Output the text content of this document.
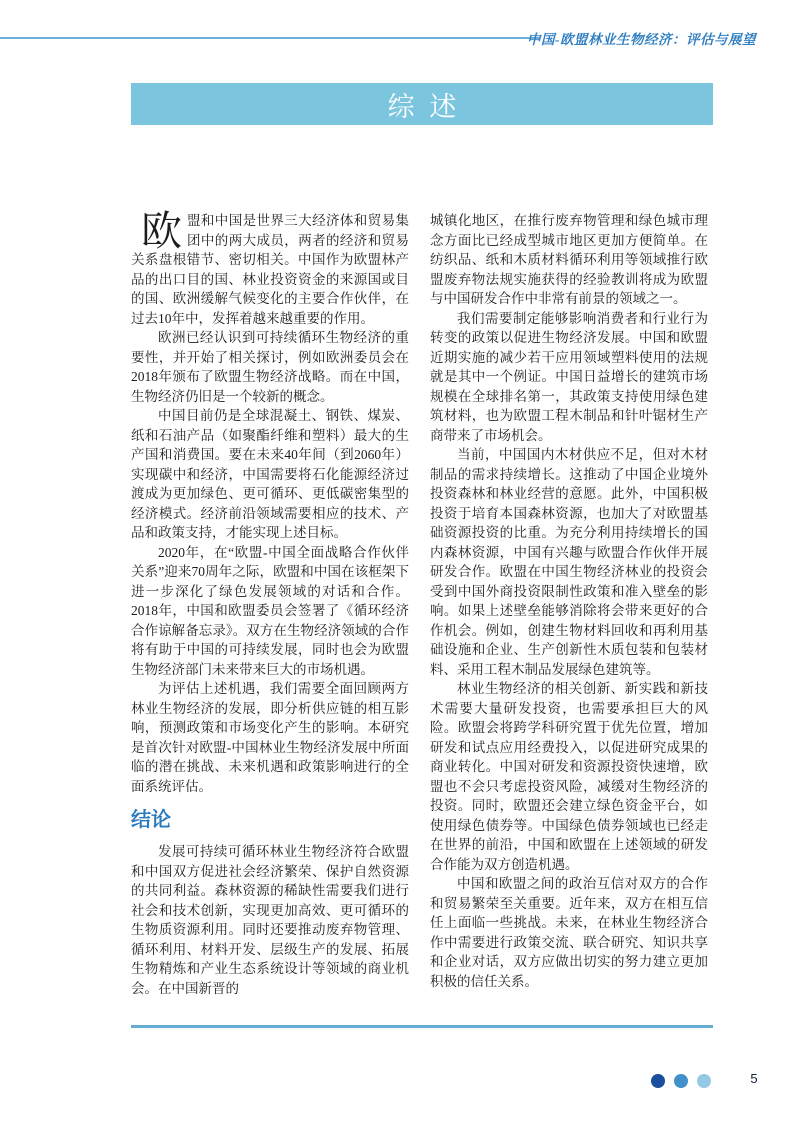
中国-欧盟林业生物经济：评估与展望
综述

欧盟和中国是世界三大经济体和贸易集团中的两大成员，两者的经济和贸易关系盘根错节、密切相关。中国作为欧盟林产品的出口目的国、林业投资资金的来源国或目的国、欧洲缓解气候变化的主要合作伙伴，在过去10年中，发挥着越来越重要的作用。

欧洲已经认识到可持续循环生物经济的重要性，并开始了相关探讨，例如欧洲委员会在2018年颁布了欧盟生物经济战略。而在中国，生物经济仍旧是一个较新的概念。

中国目前仍是全球混凝土、钢铁、煤炭、纸和石油产品（如聚酯纤维和塑料）最大的生产国和消费国。要在未来40年间（到2060年）实现碳中和经济，中国需要将石化能源经济过渡成为更加绿色、更可循环、更低碳密集型的经济模式。经济前沿领域需要相应的技术、产品和政策支持，才能实现上述目标。

2020年，在“欧盟-中国全面战略合作伙伴关系”迎来70周年之际，欧盟和中国在该框架下进一步深化了绿色发展领域的对话和合作。2018年，中国和欧盟委员会签署了《循环经济合作谅解备忘录》。双方在生物经济领域的合作将有助于中国的可持续发展，同时也会为欧盟生物经济部门未来带来巨大的市场机遇。

为评估上述机遇，我们需要全面回顾两方林业生物经济的发展，即分析供应链的相互影响，预测政策和市场变化产生的影响。本研究是首次针对欧盟-中国林业生物经济发展中所面临的潜在挑战、未来机遇和政策影响进行的全面系统评估。

结论

发展可持续可循环林业生物经济符合欧盟和中国双方促进社会经济繁荣、保护自然资源的共同利益。森林资源的稀缺性需要我们进行社会和技术创新，实现更加高效、更可循环的生物质资源利用。同时还要推动废弃物管理、循环利用、材料开发、层级生产的发展、拓展生物精炼和产业生态系统设计等领域的商业机会。在中国新晋的

城镇化地区，在推行废弃物管理和绿色城市理念方面比已经成型城市地区更加方便简单。在纺织品、纸和木质材料循环利用等领域推行欧盟废弃物法规实施获得的经验教训将成为欧盟与中国研发合作中非常有前景的领域之一。

我们需要制定能够影响消费者和行业行为转变的政策以促进生物经济发展。中国和欧盟近期实施的减少若干应用领域塑料使用的法规就是其中一个例证。中国日益增长的建筑市场规模在全球排名第一，其政策支持使用绿色建筑材料，也为欧盟工程木制品和针叶锯材生产商带来了市场机会。

当前，中国国内木材供应不足，但对木材制品的需求持续增长。这推动了中国企业境外投资森林和林业经营的意愿。此外，中国积极投资于培育本国森林资源，也加大了对欧盟基础资源投资的比重。为充分利用持续增长的国内森林资源，中国有兴趣与欧盟合作伙伴开展研发合作。欧盟在中国生物经济林业的投资会受到中国外商投资限制性政策和准入壁垒的影响。如果上述壁垒能够消除将会带来更好的合作机会。例如，创建生物材料回收和再利用基础设施和企业、生产创新性木质包装和包装材料、采用工程木制品发展绿色建筑等。

林业生物经济的相关创新、新实践和新技术需要大量研发投资，也需要承担巨大的风险。欧盟会将跨学科研究置于优先位置，增加研发和试点应用经费投入，以促进研究成果的商业转化。中国对研发和资源投资快速增，欧盟也不会只考虑投资风险，减缓对生物经济的投资。同时，欧盟还会建立绿色资金平台，如使用绿色债券等。中国绿色债券领域也已经走在世界的前沿，中国和欧盟在上述领域的研发合作能为双方创造机遇。

中国和欧盟之间的政治互信对双方的合作和贸易繁荣至关重要。近年来，双方在相互信任上面临一些挑战。未来，在林业生物经济合作中需要进行政策交流、联合研究、知识共享和企业对话，双方应做出切实的努力建立更加积极的信任关系。

5
